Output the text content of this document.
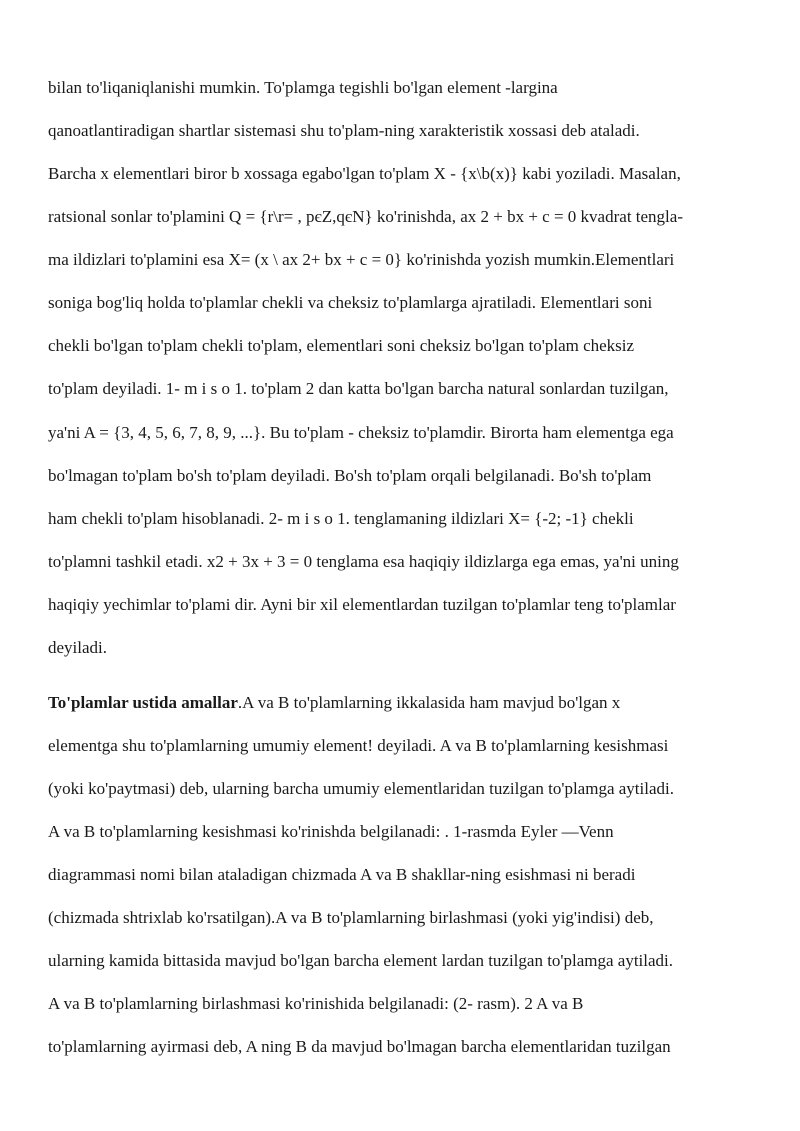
bilan to'liqaniqlanishi mumkin. To'plamga tegishli bo'lgan element -largina

qanoatlantiradigan shartlar sistemasi shu to'plam-ning xarakteristik xossasi deb ataladi.

Barcha x elementlari biror b xossaga egabo'lgan to'plam X - {x\b(x)} kabi yoziladi. Masalan,

ratsional sonlar to'plamini Q = {r\r= , pєZ,qєN} ko'rinishda, ax 2 + bx + c = 0 kvadrat tengla-

ma ildizlari to'plamini esa X= (x \ ax 2+ bx + c = 0} ko'rinishda yozish mumkin.Elementlari

soniga bog'liq holda to'plamlar chekli va cheksiz to'plamlarga ajratiladi. Elementlari soni

chekli bo'lgan to'plam chekli to'plam, elementlari soni cheksiz bo'lgan to'plam cheksiz

to'plam deyiladi. 1- m i s o 1. to'plam 2 dan katta bo'lgan barcha natural sonlardan tuzilgan,

ya'ni A = {3, 4, 5, 6, 7, 8, 9, ...}. Bu to'plam - cheksiz to'plamdir. Birorta ham elementga ega

bo'lmagan to'plam bo'sh to'plam deyiladi. Bo'sh to'plam orqali belgilanadi. Bo'sh to'plam

ham chekli to'plam hisoblanadi. 2- m i s o 1. tenglamaning ildizlari X= {-2; -1} chekli

to'plamni tashkil etadi. x2 + 3x + 3 = 0 tenglama esa haqiqiy ildizlarga ega emas, ya'ni uning

haqiqiy yechimlar to'plami dir. Ayni bir xil elementlardan tuzilgan to'plamlar teng to'plamlar

deyiladi.

To'plamlar ustida amallar.A va B to'plamlarning ikkalasida ham mavjud bo'lgan x

elementga shu to'plamlarning umumiy element! deyiladi. A va B to'plamlarning kesishmasi

(yoki ko'paytmasi) deb, ularning barcha umumiy elementlaridan tuzilgan to'plamga aytiladi.

A va B to'plamlarning kesishmasi ko'rinishda belgilanadi: . 1-rasmda Eyler —Venn

diagrammasi nomi bilan ataladigan chizmada A va B shakllar-ning esishmasi ni beradi

(chizmada shtrixlab ko'rsatilgan).A va B to'plamlarning birlashmasi (yoki yig'indisi) deb,

ularning kamida bittasida mavjud bo'lgan barcha element lardan tuzilgan to'plamga aytiladi.

A va B to'plamlarning birlashmasi ko'rinishida belgilanadi: (2- rasm). 2 A va B

to'plamlarning ayirmasi deb, A ning B da mavjud bo'lmagan barcha elementlaridan tuzilgan
